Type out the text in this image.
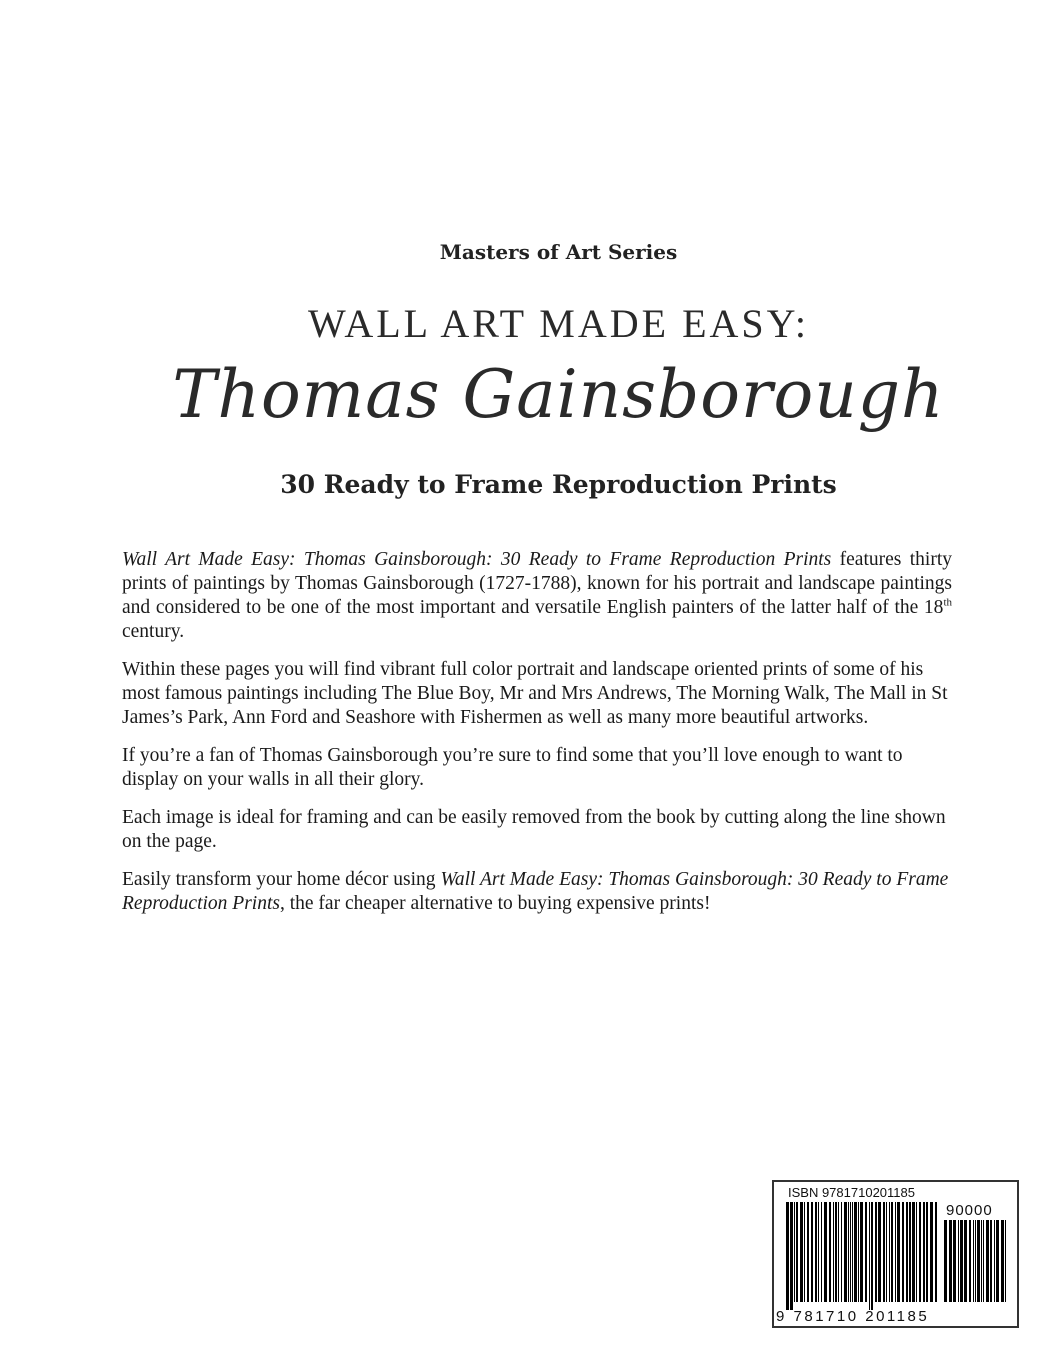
Masters of Art Series
WALL ART MADE EASY:
Thomas Gainsborough
30 Ready to Frame Reproduction Prints

Wall Art Made Easy: Thomas Gainsborough: 30 Ready to Frame Reproduction Prints features thirty prints of paintings by Thomas Gainsborough (1727-1788), known for his portrait and landscape paintings and considered to be one of the most important and versatile English painters of the latter half of the 18th century.

Within these pages you will find vibrant full color portrait and landscape oriented prints of some of his most famous paintings including The Blue Boy, Mr and Mrs Andrews, The Morning Walk, The Mall in St James’s Park, Ann Ford and Seashore with Fishermen as well as many more beautiful artworks.

If you’re a fan of Thomas Gainsborough you’re sure to find some that you’ll love enough to want to display on your walls in all their glory.

Each image is ideal for framing and can be easily removed from the book by cutting along the line shown on the page.

Easily transform your home décor using Wall Art Made Easy: Thomas Gainsborough: 30 Ready to Frame Reproduction Prints, the far cheaper alternative to buying expensive prints!

ISBN 9781710201185
90000
9 781710 201185
